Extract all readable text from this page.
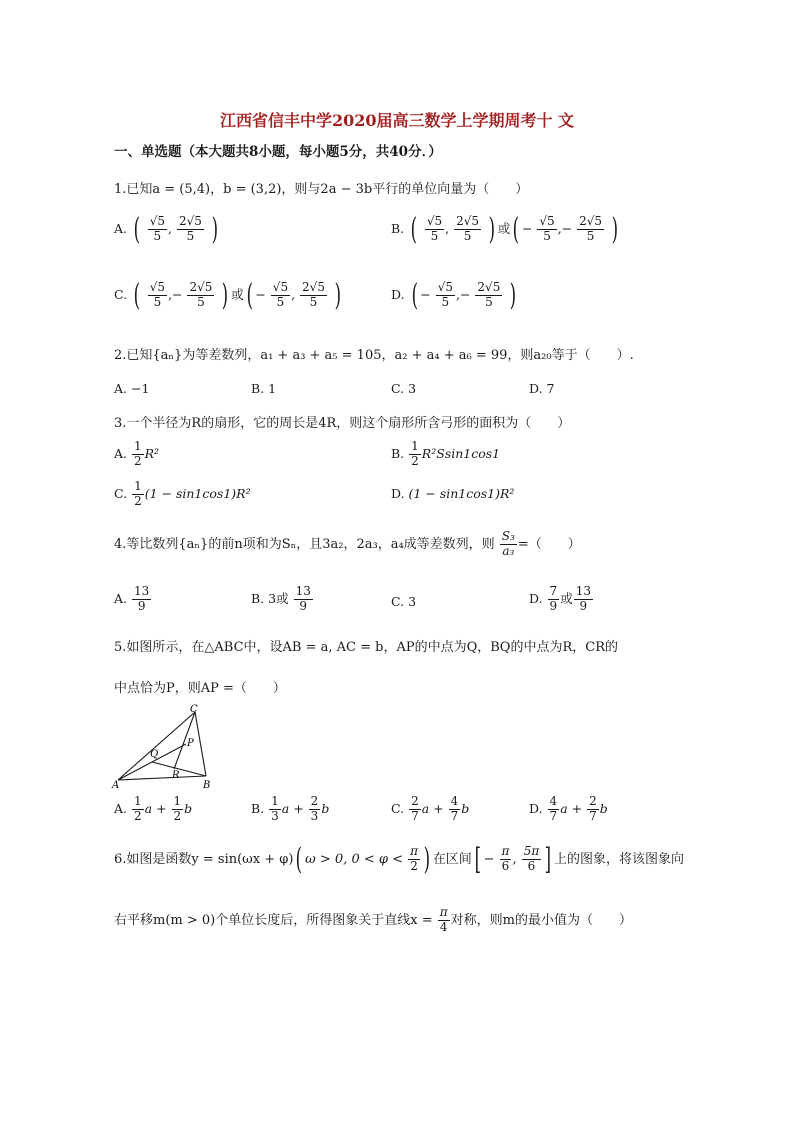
江西省信丰中学2020届高三数学上学期周考十 文
一、单选题（本大题共8小题，每小题5分，共40分．）
1.已知a = (5,4)，b = (3,2)，则与2a − 3b平行的单位向量为（　　）
A. ( $\frac{√5}{5}$ , $\frac{2√5}{5}$ )	B. ( $\frac{√5}{5}$ , $\frac{2√5}{5}$ ) 或( − $\frac{√5}{5}$ ,− $\frac{2√5}{5}$ )
C. ( $\frac{√5}{5}$ ,− $\frac{2√5}{5}$ ) 或( − $\frac{√5}{5}$ , $\frac{2√5}{5}$ )	D. ( − $\frac{√5}{5}$ ,− $\frac{2√5}{5}$ )
2.已知{aₙ}为等差数列，a₁ + a₃ + a₅ = 105，a₂ + a₄ + a₆ = 99，则a₂₀等于（　　）.
A. −1	B. 1	C. 3	D. 7
3.一个半径为R的扇形，它的周长是4R，则这个扇形所含弓形的面积为（　　）
A. $\frac{1}{2} R^2$	B. $\frac{1}{2} R^2Ssin1\cos 1$
C. $\frac{1}{2} (1 - \sin 1\cos 1)R^2$	D. (1 − sin1cos1)R²
4.等比数列{aₙ}的前n项和为Sₙ，且3a₂，2a₃，a₄成等差数列，则 $\frac{\text{S₃}}{\text{a₃}}$ =（　　）
A. $\frac{13}{9}$	B. 3或 $\frac{13}{9}$	C. 3	D. $\frac{7}{9}$ 或 $\frac{13}{9}$
5.如图所示，在△ABC中，设AB = a, AC = b，AP的中点为Q，BQ的中点为R，CR的
中点恰为P，则AP =（　　）
A	B
C
P
Q
R
A. $\frac{1}{2}$ $a + \frac{1}{2}$ b	B. $\frac{1}{3}$ $a + \frac{2}{3}$ b	C. $\frac{2}{7}$ $a + \frac{4}{7}$ b	D. $\frac{4}{7}$ $a + \frac{2}{7}$ b
6.如图是函数y = sin(ωx + φ)( ω > 0, $0 < \varphi < \frac{\pi}{2}$ ) 在区间[ − $\frac{\pi}{6}$ , $\frac{5\pi}{6}$ ] 上的图象，将该图象向
右平移m(m > 0)个单位长度后，所得图象关于直线$x = \frac{\pi}{4}$ 对称，则m的最小值为（　　）
